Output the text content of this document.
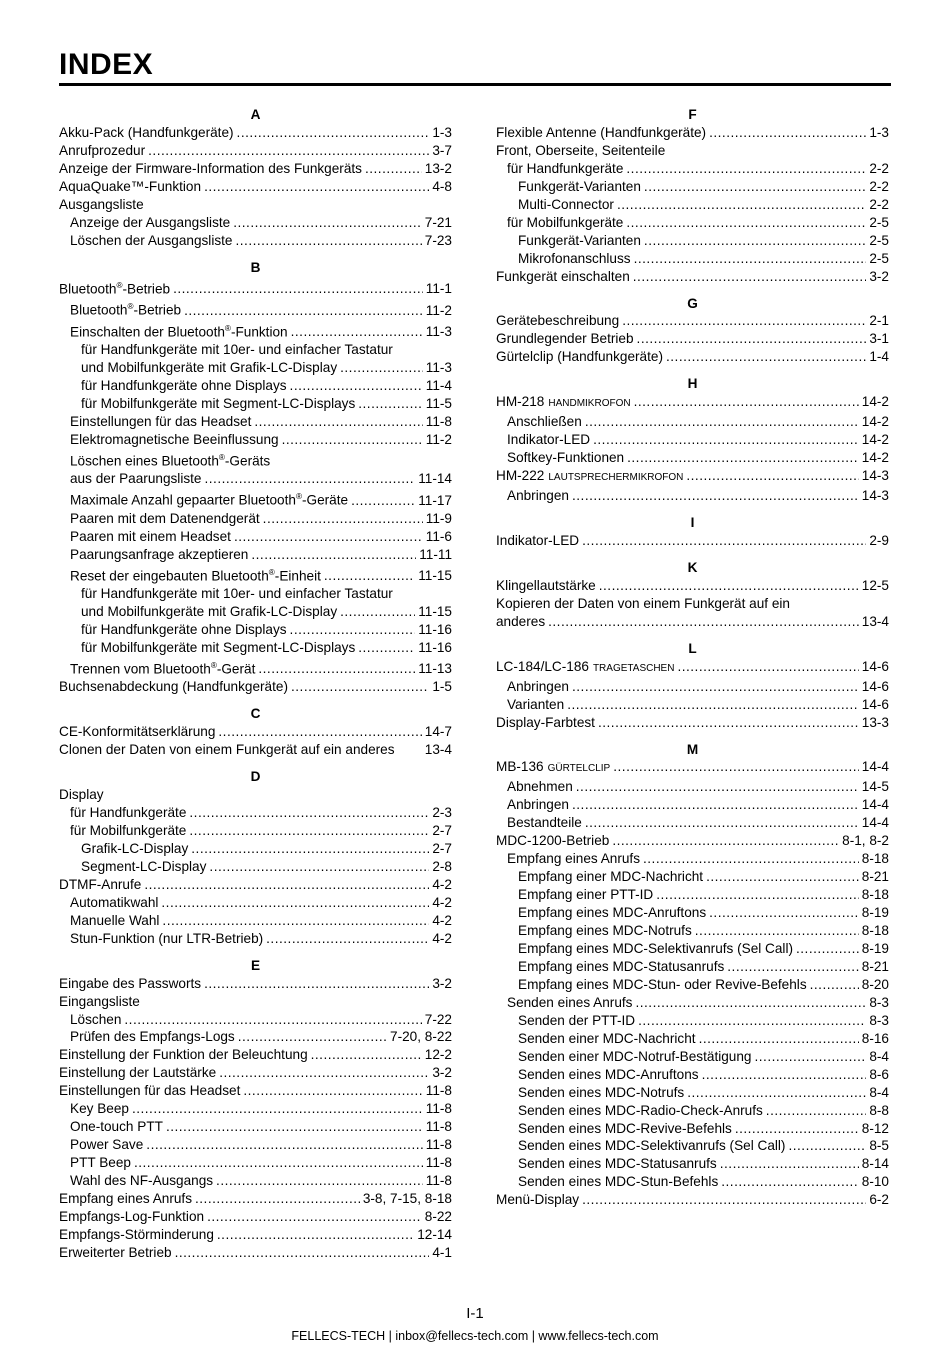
INDEX
A
Akku-Pack (Handfunkgeräte) .....	1-3
Anrufprozedur .....	3-7
Anzeige der Firmware-Information des Funkgeräts .....	13-2
AquaQuake™-Funktion .....	4-8
Ausgangsliste
Anzeige der Ausgangsliste .....	7-21
Löschen der Ausgangsliste .....	7-23
B
Bluetooth®-Betrieb .....	11-1
Bluetooth®-Betrieb .....	11-2
Einschalten der Bluetooth®-Funktion .....	11-3
für Handfunkgeräte mit 10er- und einfacher Tastatur
und Mobilfunkgeräte mit Grafik-LC-Display .....	11-3
für Handfunkgeräte ohne Displays .....	11-4
für Mobilfunkgeräte mit Segment-LC-Displays .....	11-5
Einstellungen für das Headset .....	11-8
Elektromagnetische Beeinflussung .....	11-2
Löschen eines Bluetooth®-Geräts
aus der Paarungsliste .....	11-14
Maximale Anzahl gepaarter Bluetooth®-Geräte .....	11-17
Paaren mit dem Datenendgerät .....	11-9
Paaren mit einem Headset .....	11-6
Paarungsanfrage akzeptieren .....	11-11
Reset der eingebauten Bluetooth®-Einheit .....	11-15
für Handfunkgeräte mit 10er- und einfacher Tastatur
und Mobilfunkgeräte mit Grafik-LC-Display .....	11-15
für Handfunkgeräte ohne Displays .....	11-16
für Mobilfunkgeräte mit Segment-LC-Displays .....	11-16
Trennen vom Bluetooth®-Gerät .....	11-13
Buchsenabdeckung (Handfunkgeräte) .....	1-5
C
CE-Konformitätserklärung .....	14-7
Clonen der Daten von einem Funkgerät auf ein anderes 13-4
D
Display
für Handfunkgeräte .....	2-3
für Mobilfunkgeräte .....	2-7
Grafik-LC-Display .....	2-7
Segment-LC-Display .....	2-8
DTMF-Anrufe .....	4-2
Automatikwahl .....	4-2
Manuelle Wahl .....	4-2
Stun-Funktion (nur LTR-Betrieb) .....	4-2
E
Eingabe des Passworts .....	3-2
Eingangsliste
Löschen .....	7-22
Prüfen des Empfangs-Logs .....	7-20, 8-22
Einstellung der Funktion der Beleuchtung .....	12-2
Einstellung der Lautstärke .....	3-2
Einstellungen für das Headset .....	11-8
Key Beep .....	11-8
One-touch PTT .....	11-8
Power Save .....	11-8
PTT Beep .....	11-8
Wahl des NF-Ausgangs .....	11-8
Empfang eines Anrufs .....	3-8, 7-15, 8-18
Empfangs-Log-Funktion .....	8-22
Empfangs-Störminderung .....	12-14
Erweiterter Betrieb .....	4-1
F
Flexible Antenne (Handfunkgeräte) .....	1-3
Front, Oberseite, Seitenteile
für Handfunkgeräte .....	2-2
Funkgerät-Varianten .....	2-2
Multi-Connector .....	2-2
für Mobilfunkgeräte .....	2-5
Funkgerät-Varianten .....	2-5
Mikrofonanschluss .....	2-5
Funkgerät einschalten .....	3-2
G
Gerätebeschreibung .....	2-1
Grundlegender Betrieb .....	3-1
Gürtelclip (Handfunkgeräte) .....	1-4
H
HM-218 HANDMIKROFON .....	14-2
Anschließen .....	14-2
Indikator-LED .....	14-2
Softkey-Funktionen .....	14-2
HM-222 LAUTSPRECHERMIKROFON .....	14-3
Anbringen .....	14-3
I
Indikator-LED .....	2-9
K
Klingellautstärke .....	12-5
Kopieren der Daten von einem Funkgerät auf ein
anderes .....	13-4
L
LC-184/LC-186 TRAGETASCHEN .....	14-6
Anbringen .....	14-6
Varianten .....	14-6
Display-Farbtest .....	13-3
M
MB-136 GÜRTELCLIP .....	14-4
Abnehmen .....	14-5
Anbringen .....	14-4
Bestandteile .....	14-4
MDC-1200-Betrieb .....	8-1, 8-2
Empfang eines Anrufs .....	8-18
Empfang einer MDC-Nachricht .....	8-21
Empfang einer PTT-ID .....	8-18
Empfang eines MDC-Anruftons .....	8-19
Empfang eines MDC-Notrufs .....	8-18
Empfang eines MDC-Selektivanrufs (Sel Call) .....	8-19
Empfang eines MDC-Statusanrufs .....	8-21
Empfang eines MDC-Stun- oder Revive-Befehls .....	8-20
Senden eines Anrufs .....	8-3
Senden der PTT-ID .....	8-3
Senden einer MDC-Nachricht .....	8-16
Senden einer MDC-Notruf-Bestätigung .....	8-4
Senden eines MDC-Anruftons .....	8-6
Senden eines MDC-Notrufs .....	8-4
Senden eines MDC-Radio-Check-Anrufs .....	8-8
Senden eines MDC-Revive-Befehls .....	8-12
Senden eines MDC-Selektivanrufs (Sel Call) .....	8-5
Senden eines MDC-Statusanrufs .....	8-14
Senden eines MDC-Stun-Befehls .....	8-10
Menü-Display .....	6-2
I-1
FELLECS-TECH | inbox@fellecs-tech.com | www.fellecs-tech.com
